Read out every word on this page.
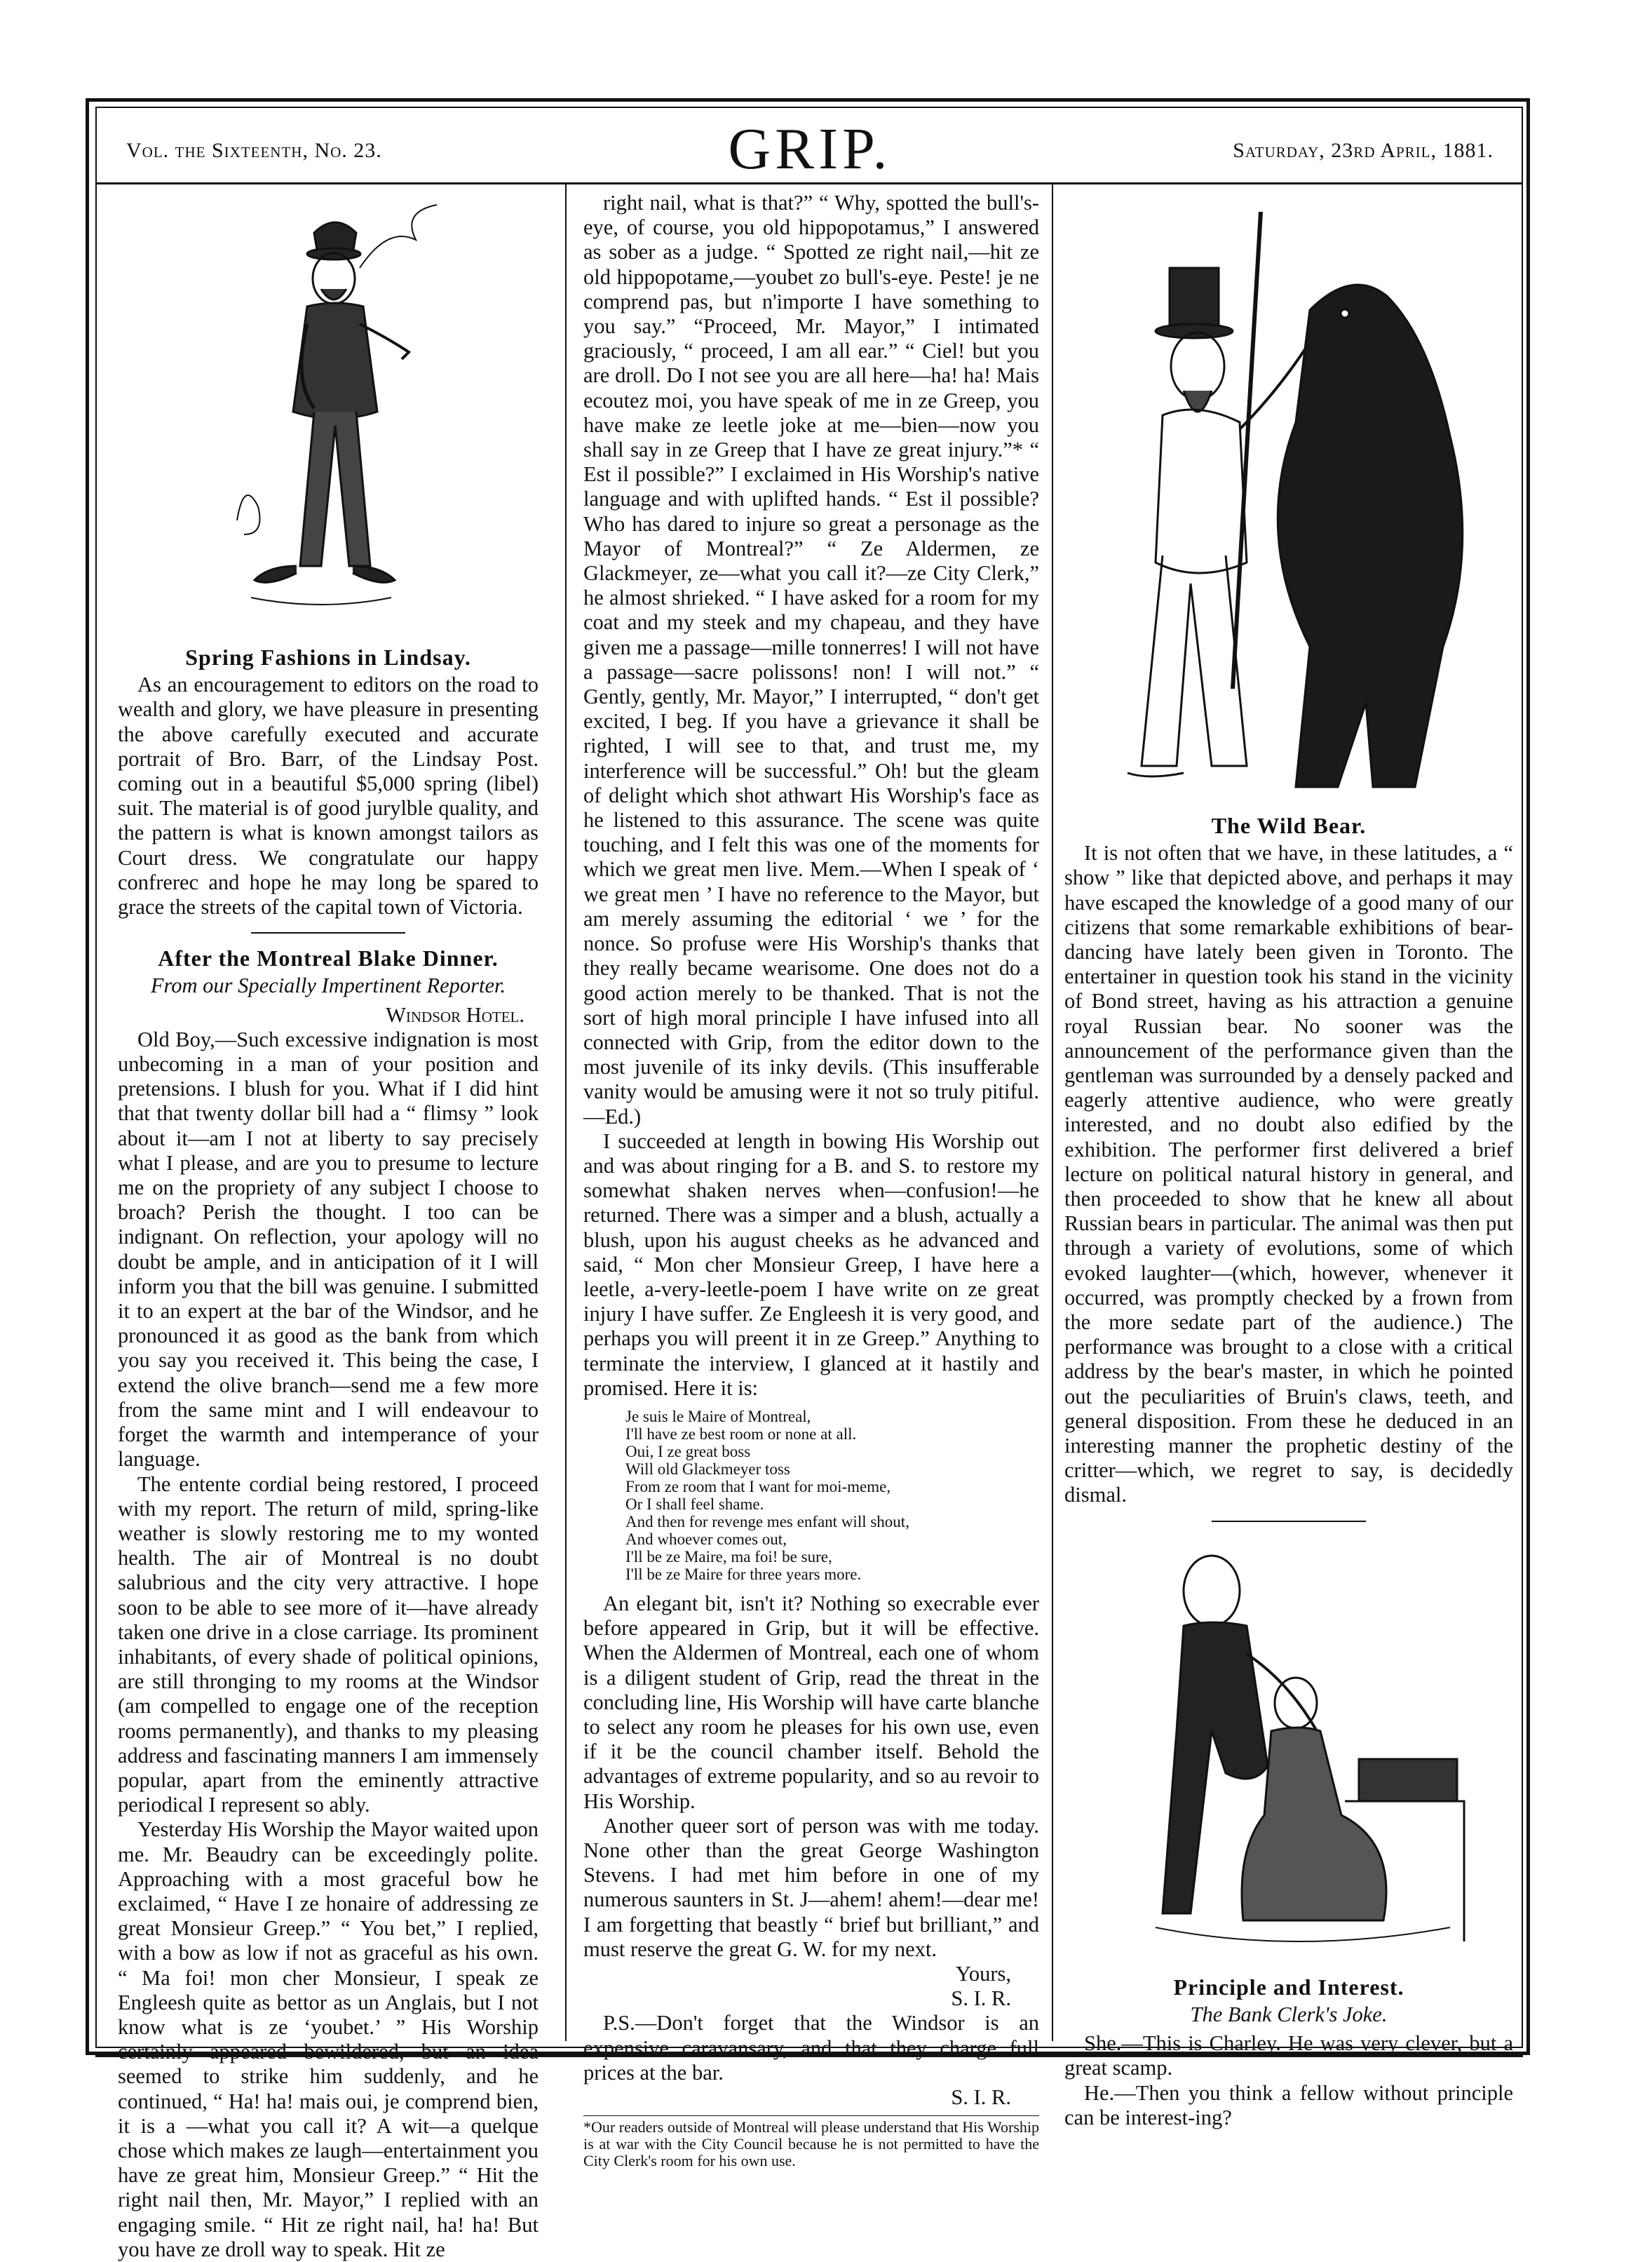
Vol. the Sixteenth, No. 23.	GRIP.	Saturday, 23rd April, 1881.
Spring Fashions in Lindsay.

As an encouragement to editors on the road to wealth and glory, we have pleasure in presenting the above carefully executed and accurate portrait of Bro. Barr, of the Lindsay Post. coming out in a beautiful $5,000 spring (libel) suit. The material is of good jurylble quality, and the pattern is what is known amongst tailors as Court dress. We congratulate our happy confrerec and hope he may long be spared to grace the streets of the capital town of Victoria.

After the Montreal Blake Dinner.
From our Specially Impertinent Reporter.
Windsor Hotel.

Old Boy,—Such excessive indignation is most unbecoming in a man of your position and pretensions. I blush for you. What if I did hint that that twenty dollar bill had a “ flimsy ” look about it—am I not at liberty to say precisely what I please, and are you to presume to lecture me on the propriety of any subject I choose to broach? Perish the thought. I too can be indignant. On reflection, your apology will no doubt be ample, and in anticipation of it I will inform you that the bill was genuine. I submitted it to an expert at the bar of the Windsor, and he pronounced it as good as the bank from which you say you received it. This being the case, I extend the olive branch—send me a few more from the same mint and I will endeavour to forget the warmth and intemperance of your language.

The entente cordial being restored, I proceed with my report. The return of mild, spring-like weather is slowly restoring me to my wonted health. The air of Montreal is no doubt salubrious and the city very attractive. I hope soon to be able to see more of it—have already taken one drive in a close carriage. Its prominent inhabitants, of every shade of political opinions, are still thronging to my rooms at the Windsor (am compelled to engage one of the reception rooms permanently), and thanks to my pleasing address and fascinating manners I am immensely popular, apart from the eminently attractive periodical I represent so ably.

Yesterday His Worship the Mayor waited upon me. Mr. Beaudry can be exceedingly polite. Approaching with a most graceful bow he exclaimed, “ Have I ze honaire of addressing ze great Monsieur Greep.” “ You bet,” I replied, with a bow as low if not as graceful as his own. “ Ma foi! mon cher Monsieur, I speak ze Engleesh quite as bettor as un Anglais, but I not know what is ze ‘youbet.’ ” His Worship certainly appeared bewildered, but an idea seemed to strike him suddenly, and he continued, “ Ha! ha! mais oui, je comprend bien, it is a —what you call it? A wit—a quelque chose which makes ze laugh—entertainment you have ze great him, Monsieur Greep.” “ Hit the right nail then, Mr. Mayor,” I replied with an engaging smile. “ Hit ze right nail, ha! ha! But you have ze droll way to speak. Hit ze

right nail, what is that?” “ Why, spotted the bull's-eye, of course, you old hippopotamus,” I answered as sober as a judge. “ Spotted ze right nail,—hit ze old hippopotame,—youbet zo bull's-eye. Peste! je ne comprend pas, but n'importe I have something to you say.” “Proceed, Mr. Mayor,” I intimated graciously, “ proceed, I am all ear.” “ Ciel! but you are droll. Do I not see you are all here—ha! ha! Mais ecoutez moi, you have speak of me in ze Greep, you have make ze leetle joke at me—bien—now you shall say in ze Greep that I have ze great injury.”* “ Est il possible?” I exclaimed in His Worship's native language and with uplifted hands. “ Est il possible? Who has dared to injure so great a personage as the Mayor of Montreal?” “ Ze Aldermen, ze Glackmeyer, ze—what you call it?—ze City Clerk,” he almost shrieked. “ I have asked for a room for my coat and my steek and my chapeau, and they have given me a passage—mille tonnerres! I will not have a passage—sacre polissons! non! I will not.” “ Gently, gently, Mr. Mayor,” I interrupted, “ don't get excited, I beg. If you have a grievance it shall be righted, I will see to that, and trust me, my interference will be successful.” Oh! but the gleam of delight which shot athwart His Worship's face as he listened to this assurance. The scene was quite touching, and I felt this was one of the moments for which we great men live. Mem.—When I speak of ‘ we great men ’ I have no reference to the Mayor, but am merely assuming the editorial ‘ we ’ for the nonce. So profuse were His Worship's thanks that they really became wearisome. One does not do a good action merely to be thanked. That is not the sort of high moral principle I have infused into all connected with Grip, from the editor down to the most juvenile of its inky devils. (This insufferable vanity would be amusing were it not so truly pitiful.—Ed.)

I succeeded at length in bowing His Worship out and was about ringing for a B. and S. to restore my somewhat shaken nerves when—confusion!—he returned. There was a simper and a blush, actually a blush, upon his august cheeks as he advanced and said, “ Mon cher Monsieur Greep, I have here a leetle, a-very-leetle-poem I have write on ze great injury I have suffer. Ze Engleesh it is very good, and perhaps you will preent it in ze Greep.” Anything to terminate the interview, I glanced at it hastily and promised. Here it is:

Je suis le Maire of Montreal,
I'll have ze best room or none at all.
Oui, I ze great boss
Will old Glackmeyer toss
From ze room that I want for moi-meme,
Or I shall feel shame.
And then for revenge mes enfant will shout,
And whoever comes out,
I'll be ze Maire, ma foi! be sure,
I'll be ze Maire for three years more.

An elegant bit, isn't it? Nothing so execrable ever before appeared in Grip, but it will be effective. When the Aldermen of Montreal, each one of whom is a diligent student of Grip, read the threat in the concluding line, His Worship will have carte blanche to select any room he pleases for his own use, even if it be the council chamber itself. Behold the advantages of extreme popularity, and so au revoir to His Worship.

Another queer sort of person was with me today. None other than the great George Washington Stevens. I had met him before in one of my numerous saunters in St. J—ahem! ahem!—dear me! I am forgetting that beastly “ brief but brilliant,” and must reserve the great G. W. for my next.

Yours,
S. I. R.

P.S.—Don't forget that the Windsor is an expensive caravansary, and that they charge full prices at the bar.

S. I. R.
*Our readers outside of Montreal will please understand that His Worship is at war with the City Council because he is not permitted to have the City Clerk's room for his own use.
The Wild Bear.

It is not often that we have, in these latitudes, a “ show ” like that depicted above, and perhaps it may have escaped the knowledge of a good many of our citizens that some remarkable exhibitions of bear-dancing have lately been given in Toronto. The entertainer in question took his stand in the vicinity of Bond street, having as his attraction a genuine royal Russian bear. No sooner was the announcement of the performance given than the gentleman was surrounded by a densely packed and eagerly attentive audience, who were greatly interested, and no doubt also edified by the exhibition. The performer first delivered a brief lecture on political natural history in general, and then proceeded to show that he knew all about Russian bears in particular. The animal was then put through a variety of evolutions, some of which evoked laughter—(which, however, whenever it occurred, was promptly checked by a frown from the more sedate part of the audience.) The performance was brought to a close with a critical address by the bear's master, in which he pointed out the peculiarities of Bruin's claws, teeth, and general disposition. From these he deduced in an interesting manner the prophetic destiny of the critter—which, we regret to say, is decidedly dismal.

Principle and Interest.
The Bank Clerk's Joke.

She.—This is Charley. He was very clever, but a great scamp.

He.—Then you think a fellow without principle can be interest-ing?
